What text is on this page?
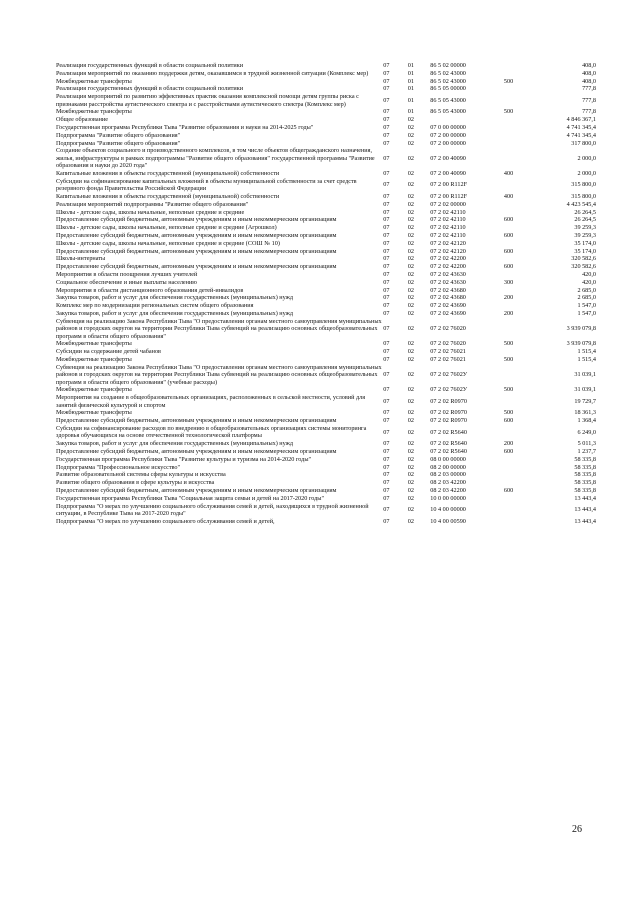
Реализация государственных функций в области социальной политики	07	01	86 5 02 00000		408,0
Реализация мероприятий по оказанию поддержки детям, оказавшимся в трудной жизненной ситуации (Комплекс мер)	07	01	86 5 02 43000		408,0
Межбюджетные трансферты	07	01	86 5 02 43000	500	408,0
Реализация государственных функций в области социальной политики	07	01	86 5 05 00000		777,8
Реализация мероприятий по развитию эффективных практик оказания комплексной помощи детям группы риска с признаками расстройства аутистического спектра и с расстройствами аутистического спектра (Комплекс мер)	07	01	86 5 05 43000		777,8
Межбюджетные трансферты	07	01	86 5 05 43000	500	777,8
Общее образование	07	02			4 846 367,1
Государственная программа Республики Тыва "Развитие образования и науки на 2014-2025 годы"	07	02	07 0 00 00000		4 741 345,4
Подпрограмма "Развитие общего образования"	07	02	07 2 00 00000		4 741 345,4
Подпрограмма "Развитие общего образования"	07	02	07 2 00 00000		317 800,0
Создание объектов социального и производственного комплексов, в том числе объектов общегражданского назначения, жилья, инфраструктуры в рамках подпрограммы "Развитие общего образования" государственной программы "Развитие образования и науки до 2020 года"	07	02	07 2 00 40090		2 000,0
Капитальные вложения в объекты государственной (муниципальной) собственности	07	02	07 2 00 40090	400	2 000,0
Субсидии на софинансирование капитальных вложений в объекты муниципальной собственности за счет средств резервного фонда Правительства Российской Федерации	07	02	07 2 00 R112F		315 800,0
Капитальные вложения в объекты государственной (муниципальной) собственности	07	02	07 2 00 R112F	400	315 800,0
Реализация мероприятий подпрограммы "Развитие общего образования"	07	02	07 2 02 00000		4 423 545,4
Школы - детские сады, школы начальные, неполные средние и средние	07	02	07 2 02 42110		26 264,5
Предоставление субсидий бюджетным, автономным учреждениям и иным некоммерческим организациям	07	02	07 2 02 42110	600	26 264,5
Школы - детские сады, школы начальные, неполные средние и средние (Агрошкол)	07	02	07 2 02 42110		39 259,3
Предоставление субсидий бюджетным, автономным учреждениям и иным некоммерческим организациям	07	02	07 2 02 42110	600	39 259,3
Школы - детские сады, школы начальные, неполные средние и средние (СОШ № 10)	07	02	07 2 02 42120		35 174,0
Предоставление субсидий бюджетным, автономным учреждениям и иным некоммерческим организациям	07	02	07 2 02 42120	600	35 174,0
Школы-интернаты	07	02	07 2 02 42200		320 582,6
Предоставление субсидий бюджетным, автономным учреждениям и иным некоммерческим организациям	07	02	07 2 02 42200	600	320 582,6
Мероприятия в области поощрения лучших учителей	07	02	07 2 02 43630		420,0
Социальное обеспечение и иные выплаты населению	07	02	07 2 02 43630	300	420,0
Мероприятия в области дистанционного образования детей-инвалидов	07	02	07 2 02 43680		2 685,0
Закупка товаров, работ и услуг для обеспечения государственных (муниципальных) нужд	07	02	07 2 02 43680	200	2 685,0
Комплекс мер по модернизации региональных систем общего образования	07	02	07 2 02 43690		1 547,0
Закупка товаров, работ и услуг для обеспечения государственных (муниципальных) нужд	07	02	07 2 02 43690	200	1 547,0
Субвенция на реализацию Закона Республики Тыва "О предоставлении органам местного самоуправления муниципальных районов и городских округов на территории Республики Тыва субвенций на реализацию основных общеобразовательных программ в области общего образования"	07	02	07 2 02 76020		3 939 079,8
Межбюджетные трансферты	07	02	07 2 02 76020	500	3 939 079,8
Субсидии на содержание детей чабанов	07	02	07 2 02 76021		1 515,4
Межбюджетные трансферты	07	02	07 2 02 76021	500	1 515,4
Субвенция на реализацию Закона Республики Тыва "О предоставлении органам местного самоуправления муниципальных районов и городских округов на территории Республики Тыва субвенций на реализацию основных общеобразовательных программ в области общего образования" (учебные расходы)	07	02	07 2 02 7602У		31 039,1
Межбюджетные трансферты	07	02	07 2 02 7602У	500	31 039,1
Мероприятия на создание в общеобразовательных организациях, расположенных в сельской местности, условий для занятий физической культурой и спортом	07	02	07 2 02 R0970		19 729,7
Межбюджетные трансферты	07	02	07 2 02 R0970	500	18 361,3
Предоставление субсидий бюджетным, автономным учреждениям и иным некоммерческим организациям	07	02	07 2 02 R0970	600	1 368,4
Субсидии на софинансирование расходов по внедрению в общеобразовательных организациях системы мониторинга здоровья обучающихся на основе отечественной технологической платформы	07	02	07 2 02 R5640		6 249,0
Закупка товаров, работ и услуг для обеспечения государственных (муниципальных) нужд	07	02	07 2 02 R5640	200	5 011,3
Предоставление субсидий бюджетным, автономным учреждениям и иным некоммерческим организациям	07	02	07 2 02 R5640	600	1 237,7
Государственная программа Республики Тыва "Развитие культуры и туризма на 2014-2020 годы"	07	02	08 0 00 00000		58 335,8
Подпрограмма "Профессиональное искусство"	07	02	08 2 00 00000		58 335,8
Развитие образовательной системы сферы культуры и искусства	07	02	08 2 03 00000		58 335,8
Развитие общего образования в сфере культуры и искусства	07	02	08 2 03 42200		58 335,8
Предоставление субсидий бюджетным, автономным учреждениям и иным некоммерческим организациям	07	02	08 2 03 42200	600	58 335,8
Государственная программа Республики Тыва "Социальная защита семьи и детей на 2017-2020 годы"	07	02	10 0 00 00000		13 443,4
Подпрограмма "О мерах по улучшению социального обслуживания семей и детей, находящихся в трудной жизненной ситуации, в Республике Тыва на 2017-2020 годы"	07	02	10 4 00 00000		13 443,4
Подпрограмма "О мерах по улучшению социального обслуживания семей и детей,	07	02	10 4 00 00590		13 443,4
26
